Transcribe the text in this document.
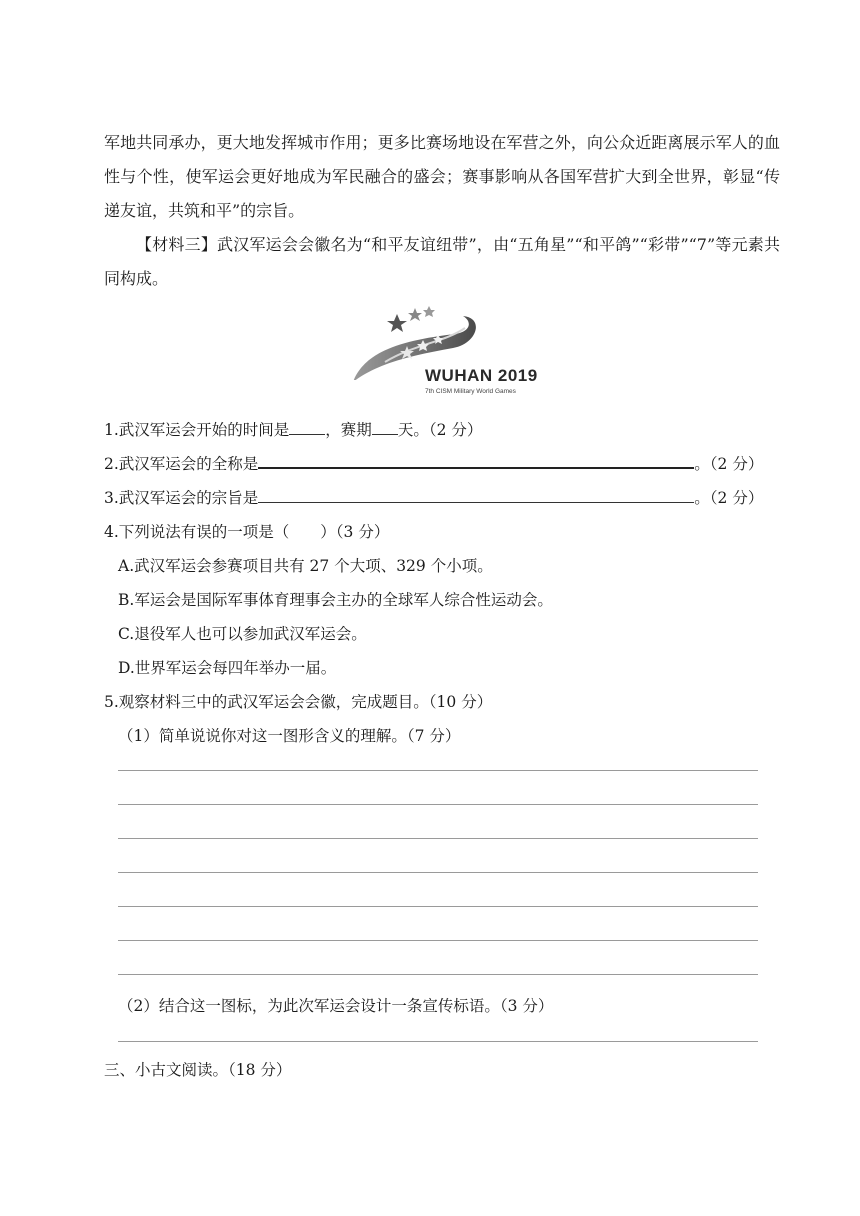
军地共同承办，更大地发挥城市作用；更多比赛场地设在军营之外，向公众近距离展示军人的血性与个性，使军运会更好地成为军民融合的盛会；赛事影响从各国军营扩大到全世界，彰显“传递友谊，共筑和平”的宗旨。
【材料三】武汉军运会会徽名为“和平友谊纽带”，由“五角星”“和平鸽”“彩带”“7”等元素共同构成。
WUHAN 2019
7th CISM Military World Games
1.武汉军运会开始的时间是 ，赛期 天。（2 分）
2.武汉军运会的全称是	。（2 分）
3.武汉军运会的宗旨是	。（2 分）
4.下列说法有误的一项是（　　）（3 分）
A.武汉军运会参赛项目共有 27 个大项、329 个小项。
B.军运会是国际军事体育理事会主办的全球军人综合性运动会。
C.退役军人也可以参加武汉军运会。
D.世界军运会每四年举办一届。
5.观察材料三中的武汉军运会会徽，完成题目。（10 分）
（1）简单说说你对这一图形含义的理解。（7 分）
（2）结合这一图标，为此次军运会设计一条宣传标语。（3 分）
三、小古文阅读。（18 分）
